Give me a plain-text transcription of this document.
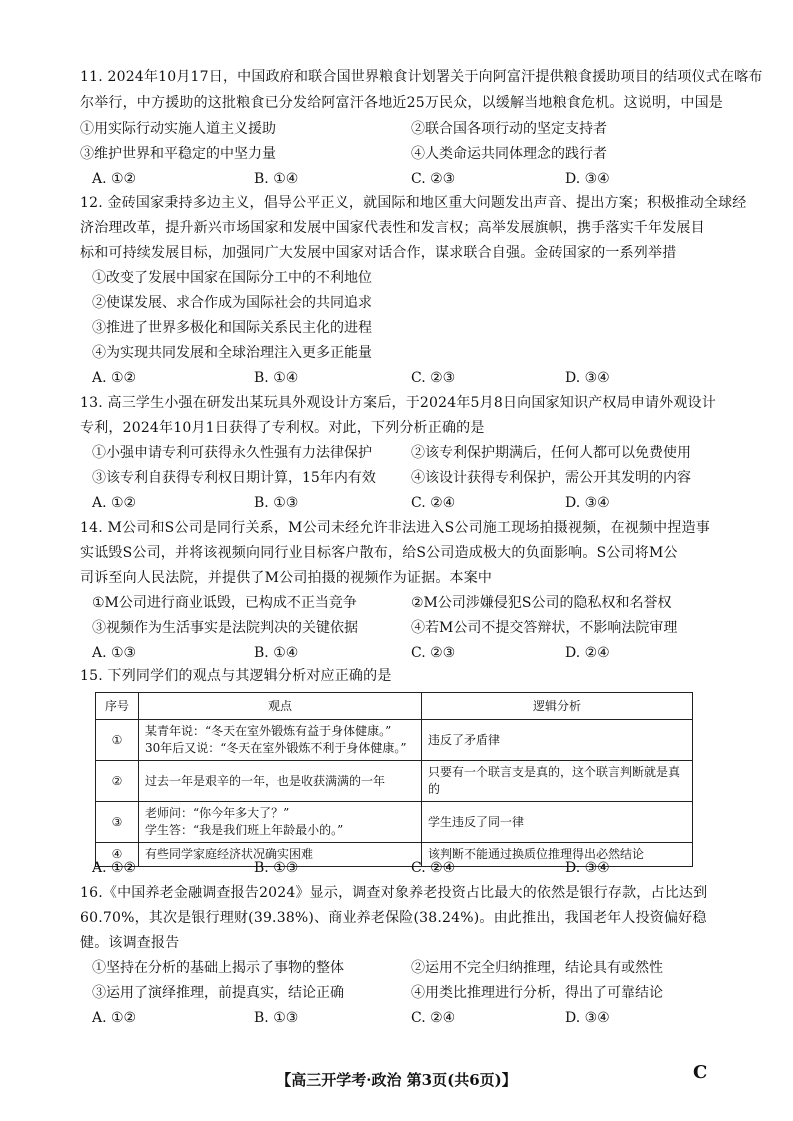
11. 2024年10月17日，中国政府和联合国世界粮食计划署关于向阿富汗提供粮食援助项目的结项仪式在喀布
尔举行，中方援助的这批粮食已分发给阿富汗各地近25万民众，以缓解当地粮食危机。这说明，中国是
①用实际行动实施人道主义援助	②联合国各项行动的坚定支持者
③维护世界和平稳定的中坚力量	④人类命运共同体理念的践行者
A. ①②	B. ①④	C. ②③	D. ③④
12. 金砖国家秉持多边主义，倡导公平正义，就国际和地区重大问题发出声音、提出方案；积极推动全球经
济治理改革，提升新兴市场国家和发展中国家代表性和发言权；高举发展旗帜，携手落实千年发展目
标和可持续发展目标，加强同广大发展中国家对话合作，谋求联合自强。金砖国家的一系列举措
①改变了发展中国家在国际分工中的不利地位
②使谋发展、求合作成为国际社会的共同追求
③推进了世界多极化和国际关系民主化的进程
④为实现共同发展和全球治理注入更多正能量
A. ①②	B. ①④	C. ②③	D. ③④
13. 高三学生小强在研发出某玩具外观设计方案后，于2024年5月8日向国家知识产权局申请外观设计
专利，2024年10月1日获得了专利权。对此，下列分析正确的是
①小强申请专利可获得永久性强有力法律保护	②该专利保护期满后，任何人都可以免费使用
③该专利自获得专利权日期计算，15年内有效	④该设计获得专利保护，需公开其发明的内容
A. ①②	B. ①③	C. ②④	D. ③④
14. M公司和S公司是同行关系，M公司未经允许非法进入S公司施工现场拍摄视频，在视频中捏造事
实诋毁S公司，并将该视频向同行业目标客户散布，给S公司造成极大的负面影响。S公司将M公
司诉至向人民法院，并提供了M公司拍摄的视频作为证据。本案中
①M公司进行商业诋毁，已构成不正当竞争	②M公司涉嫌侵犯S公司的隐私权和名誉权
③视频作为生活事实是法院判决的关键依据	④若M公司不提交答辩状，不影响法院审理
A. ①③	B. ①④	C. ②③	D. ②④
15. 下列同学们的观点与其逻辑分析对应正确的是
序号	观点	逻辑分析
①	某青年说：“冬天在室外锻炼有益于身体健康。”
30年后又说：“冬天在室外锻炼不利于身体健康。”	违反了矛盾律
②	过去一年是艰辛的一年，也是收获满满的一年	只要有一个联言支是真的，这个联言判断就是真的
③	老师问：“你今年多大了？”
学生答：“我是我们班上年龄最小的。”	学生违反了同一律
④	有些同学家庭经济状况确实困难	该判断不能通过换质位推理得出必然结论
A. ①②	B. ①③	C. ②④	D. ③④
16.《中国养老金融调查报告2024》显示，调查对象养老投资占比最大的依然是银行存款，占比达到
60.70%，其次是银行理财(39.38%)、商业养老保险(38.24%)。由此推出，我国老年人投资偏好稳
健。该调查报告
①坚持在分析的基础上揭示了事物的整体	②运用不完全归纳推理，结论具有或然性
③运用了演绎推理，前提真实，结论正确	④用类比推理进行分析，得出了可靠结论
A. ①②	B. ①③	C. ②④	D. ③④
【高三开学考·政治 第3页(共6页)】	C
